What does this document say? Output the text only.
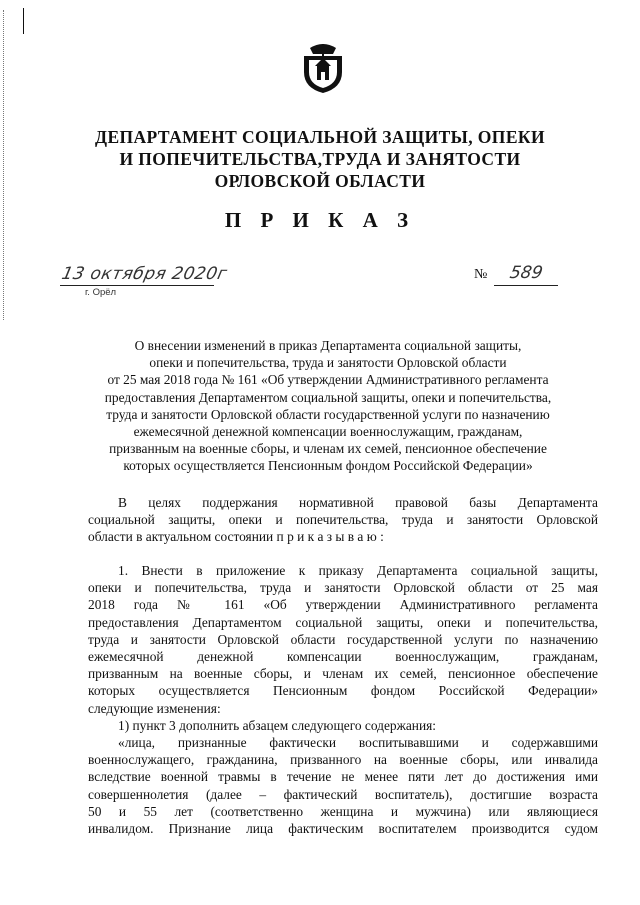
ДЕПАРТАМЕНТ СОЦИАЛЬНОЙ ЗАЩИТЫ, ОПЕКИ
И ПОПЕЧИТЕЛЬСТВА,ТРУДА И ЗАНЯТОСТИ
ОРЛОВСКОЙ ОБЛАСТИ
П Р И К А З
13 октября 2020г
г. Орёл
№ 589
О внесении изменений в приказ Департамента социальной защиты,
опеки и попечительства, труда и занятости Орловской области
от 25 мая 2018 года № 161 «Об утверждении Административного регламента
предоставления Департаментом социальной защиты, опеки и попечительства,
труда и занятости Орловской области государственной услуги по назначению
ежемесячной денежной компенсации военнослужащим, гражданам,
призванным на военные сборы, и членам их семей, пенсионное обеспечение
которых осуществляется Пенсионным фондом Российской Федерации»
В целях поддержания нормативной правовой базы Департамента
социальной защиты, опеки и попечительства, труда и занятости Орловской
области в актуальном состоянии п р и к а з ы в а ю :
1. Внести в приложение к приказу Департамента социальной защиты,
опеки и попечительства, труда и занятости Орловской области от 25 мая
2018 года № 161 «Об утверждении Административного регламента
предоставления Департаментом социальной защиты, опеки и попечительства,
труда и занятости Орловской области государственной услуги по назначению
ежемесячной денежной компенсации военнослужащим, гражданам,
призванным на военные сборы, и членам их семей, пенсионное обеспечение
которых осуществляется Пенсионным фондом Российской Федерации»
следующие изменения:
1) пункт 3 дополнить абзацем следующего содержания:
«лица, признанные фактически воспитывавшими и содержавшими
военнослужащего, гражданина, призванного на военные сборы, или инвалида
вследствие военной травмы в течение не менее пяти лет до достижения ими
совершеннолетия (далее – фактический воспитатель), достигшие возраста
50 и 55 лет (соответственно женщина и мужчина) или являющиеся
инвалидом. Признание лица фактическим воспитателем производится судом
